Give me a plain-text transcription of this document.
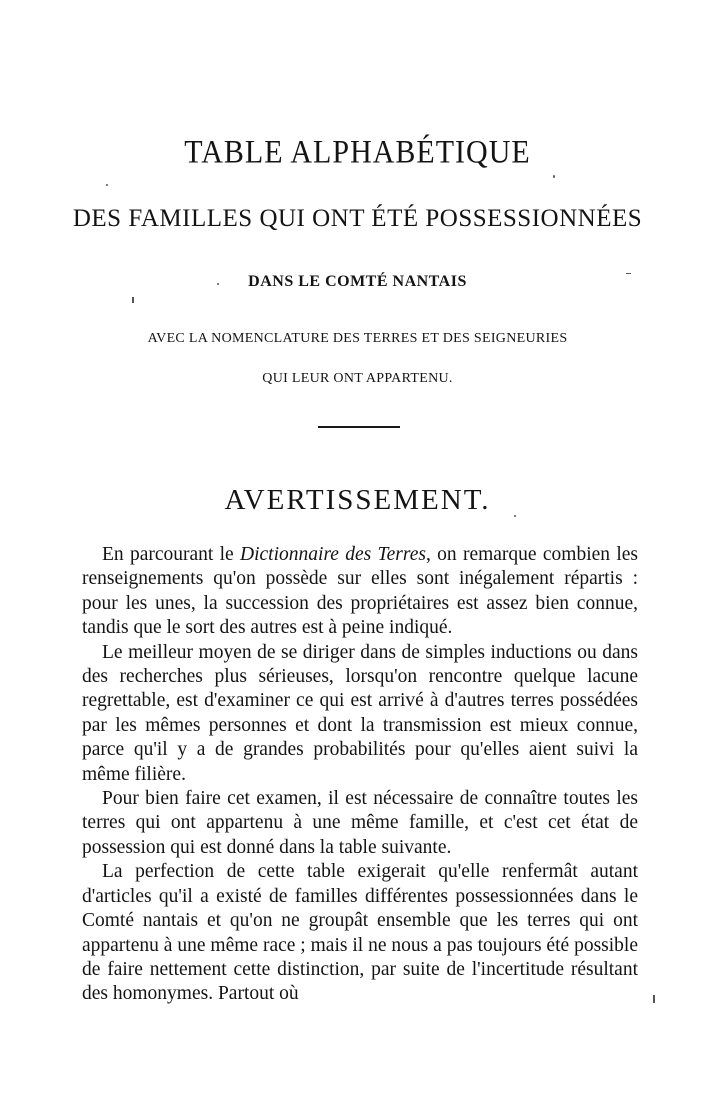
TABLE ALPHABÉTIQUE
DES FAMILLES QUI ONT ÉTÉ POSSESSIONNÉES
DANS LE COMTÉ NANTAIS
AVEC LA NOMENCLATURE DES TERRES ET DES SEIGNEURIES
QUI LEUR ONT APPARTENU.
AVERTISSEMENT.

En parcourant le Dictionnaire des Terres, on remarque combien les renseignements qu'on possède sur elles sont inégalement répartis : pour les unes, la succession des propriétaires est assez bien connue, tandis que le sort des autres est à peine indiqué.

Le meilleur moyen de se diriger dans de simples inductions ou dans des recherches plus sérieuses, lorsqu'on rencontre quelque lacune regrettable, est d'examiner ce qui est arrivé à d'autres terres possédées par les mêmes personnes et dont la transmission est mieux connue, parce qu'il y a de grandes probabilités pour qu'elles aient suivi la même filière.

Pour bien faire cet examen, il est nécessaire de connaître toutes les terres qui ont appartenu à une même famille, et c'est cet état de possession qui est donné dans la table suivante.

La perfection de cette table exigerait qu'elle renfermât autant d'articles qu'il a existé de familles différentes possessionnées dans le Comté nantais et qu'on ne groupât ensemble que les terres qui ont appartenu à une même race ; mais il ne nous a pas toujours été possible de faire nettement cette distinction, par suite de l'incertitude résultant des homonymes. Partout où
